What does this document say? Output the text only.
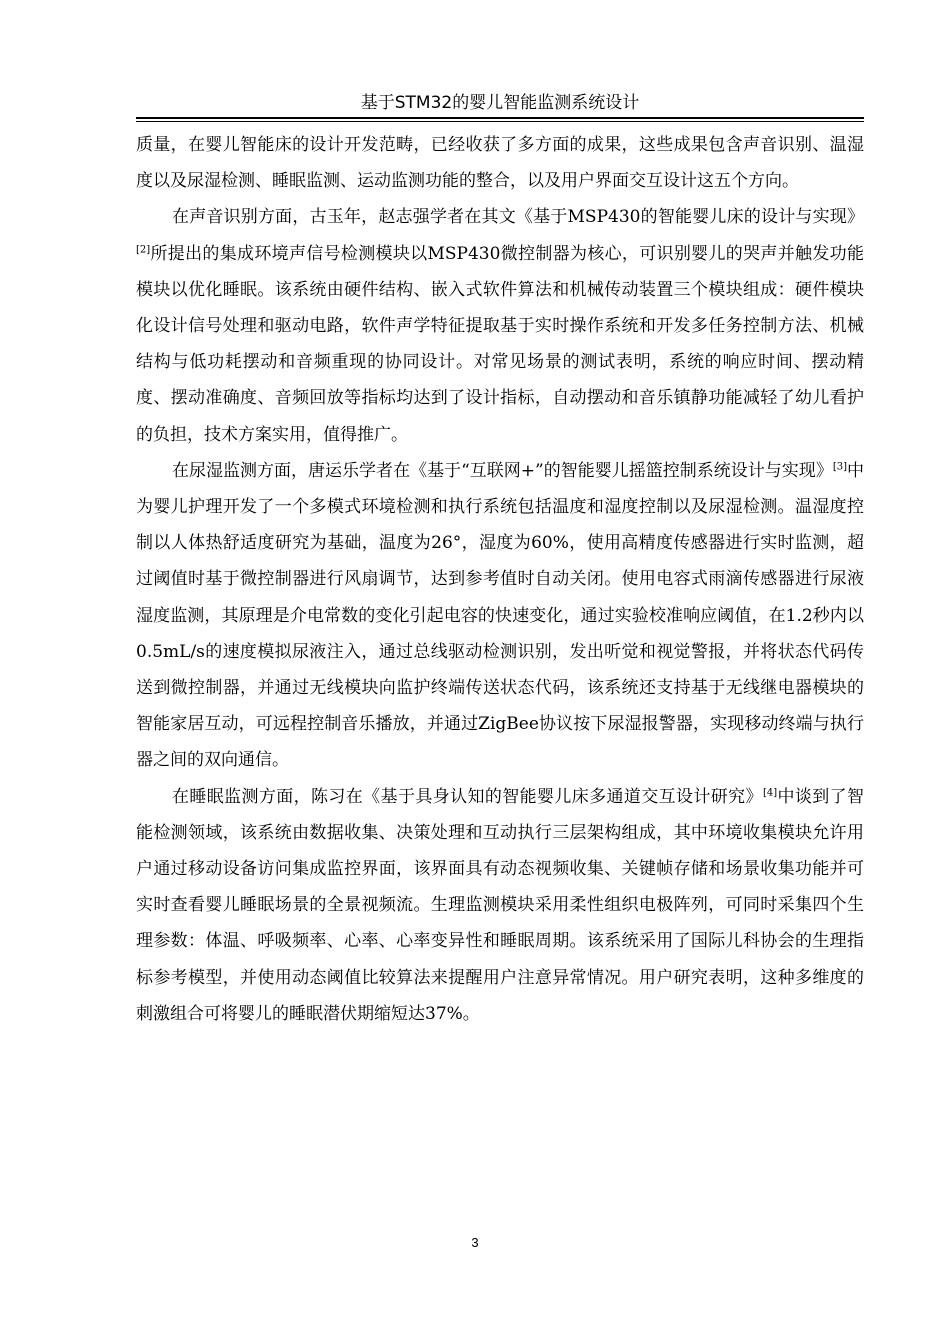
基于STM32的婴儿智能监测系统设计

质量，在婴儿智能床的设计开发范畴，已经收获了多方面的成果，这些成果包含声音识别、温湿度以及尿湿检测、睡眠监测、运动监测功能的整合，以及用户界面交互设计这五个方向。

在声音识别方面，古玉年，赵志强学者在其文《基于MSP430的智能婴儿床的设计与实现》[2]所提出的集成环境声信号检测模块以MSP430微控制器为核心，可识别婴儿的哭声并触发功能模块以优化睡眠。该系统由硬件结构、嵌入式软件算法和机械传动装置三个模块组成：硬件模块化设计信号处理和驱动电路，软件声学特征提取基于实时操作系统和开发多任务控制方法、机械结构与低功耗摆动和音频重现的协同设计。对常见场景的测试表明，系统的响应时间、摆动精度、摆动准确度、音频回放等指标均达到了设计指标，自动摆动和音乐镇静功能减轻了幼儿看护的负担，技术方案实用，值得推广。

在尿湿监测方面，唐运乐学者在《基于“互联网+”的智能婴儿摇篮控制系统设计与实现》[3]中为婴儿护理开发了一个多模式环境检测和执行系统包括温度和湿度控制以及尿湿检测。温湿度控制以人体热舒适度研究为基础，温度为26°，湿度为60%，使用高精度传感器进行实时监测，超过阈值时基于微控制器进行风扇调节，达到参考值时自动关闭。使用电容式雨滴传感器进行尿液湿度监测，其原理是介电常数的变化引起电容的快速变化，通过实验校准响应阈值，在1.2秒内以0.5mL/s的速度模拟尿液注入，通过总线驱动检测识别，发出听觉和视觉警报，并将状态代码传送到微控制器，并通过无线模块向监护终端传送状态代码，该系统还支持基于无线继电器模块的智能家居互动，可远程控制音乐播放，并通过ZigBee协议按下尿湿报警器，实现移动终端与执行器之间的双向通信。

在睡眠监测方面，陈习在《基于具身认知的智能婴儿床多通道交互设计研究》[4]中谈到了智能检测领域，该系统由数据收集、决策处理和互动执行三层架构组成，其中环境收集模块允许用户通过移动设备访问集成监控界面，该界面具有动态视频收集、关键帧存储和场景收集功能并可实时查看婴儿睡眠场景的全景视频流。生理监测模块采用柔性组织电极阵列，可同时采集四个生理参数：体温、呼吸频率、心率、心率变异性和睡眠周期。该系统采用了国际儿科协会的生理指标参考模型，并使用动态阈值比较算法来提醒用户注意异常情况。用户研究表明，这种多维度的刺激组合可将婴儿的睡眠潜伏期缩短达37%。

3
